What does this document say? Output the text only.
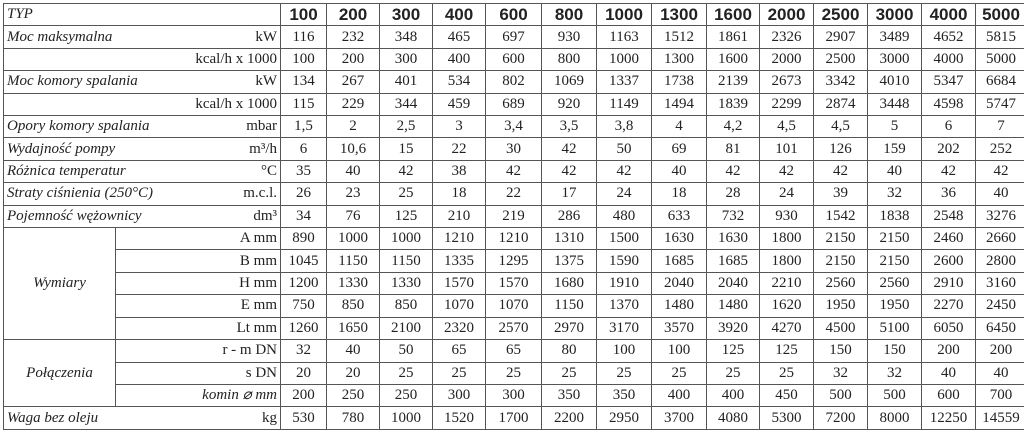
TYP		100	200	300	400	600	800	1000	1300	1600	2000	2500	3000	4000	5000

Moc maksymalna kW		116	232	348	465	697	930	1163	1512	1861	2326	2907	3489	4652	5815

kcal/h x 1000		100	200	300	400	600	800	1000	1300	1600	2000	2500	3000	4000	5000

Moc komory spalania kW		134	267	401	534	802	1069	1337	1738	2139	2673	3342	4010	5347	6684

kcal/h x 1000		115	229	344	459	689	920	1149	1494	1839	2299	2874	3448	4598	5747

Opory komory spalania mbar		1,5	2	2,5	3	3,4	3,5	3,8	4	4,2	4,5	4,5	5	6	7

Wydajność pompy m³/h		6	10,6	15	22	30	42	50	69	81	101	126	159	202	252

Różnica temperatur °C		35	40	42	38	42	42	42	40	42	42	42	40	42	42

Straty ciśnienia (250°C) m.c.l.		26	23	25	18	22	17	24	18	28	24	39	32	36	40

Pojemność wężownicy dm³		34	76	125	210	219	286	480	633	732	930	1542	1838	2548	3276
Wymiary	A mm	890	1000	1000	1210	1210	1310	1500	1630	1630	1800	2150	2150	2460	2660
	B mm	1045	1150	1150	1335	1295	1375	1590	1685	1685	1800	2150	2150	2600	2800
	H mm	1200	1330	1330	1570	1570	1680	1910	2040	2040	2210	2560	2560	2910	3160
	E mm	750	850	850	1070	1070	1150	1370	1480	1480	1620	1950	1950	2270	2450
	Lt mm	1260	1650	2100	2320	2570	2970	3170	3570	3920	4270	4500	5100	6050	6450
Połączenia	r - m DN	32	40	50	65	65	80	100	100	125	125	150	150	200	200
	s DN	20	20	25	25	25	25	25	25	25	25	32	32	40	40
	komin ⌀ mm	200	250	250	300	300	350	350	400	400	450	500	500	600	700

Waga bez oleju kg		530	780	1000	1520	1700	2200	2950	3700	4080	5300	7200	8000	12250	14559
